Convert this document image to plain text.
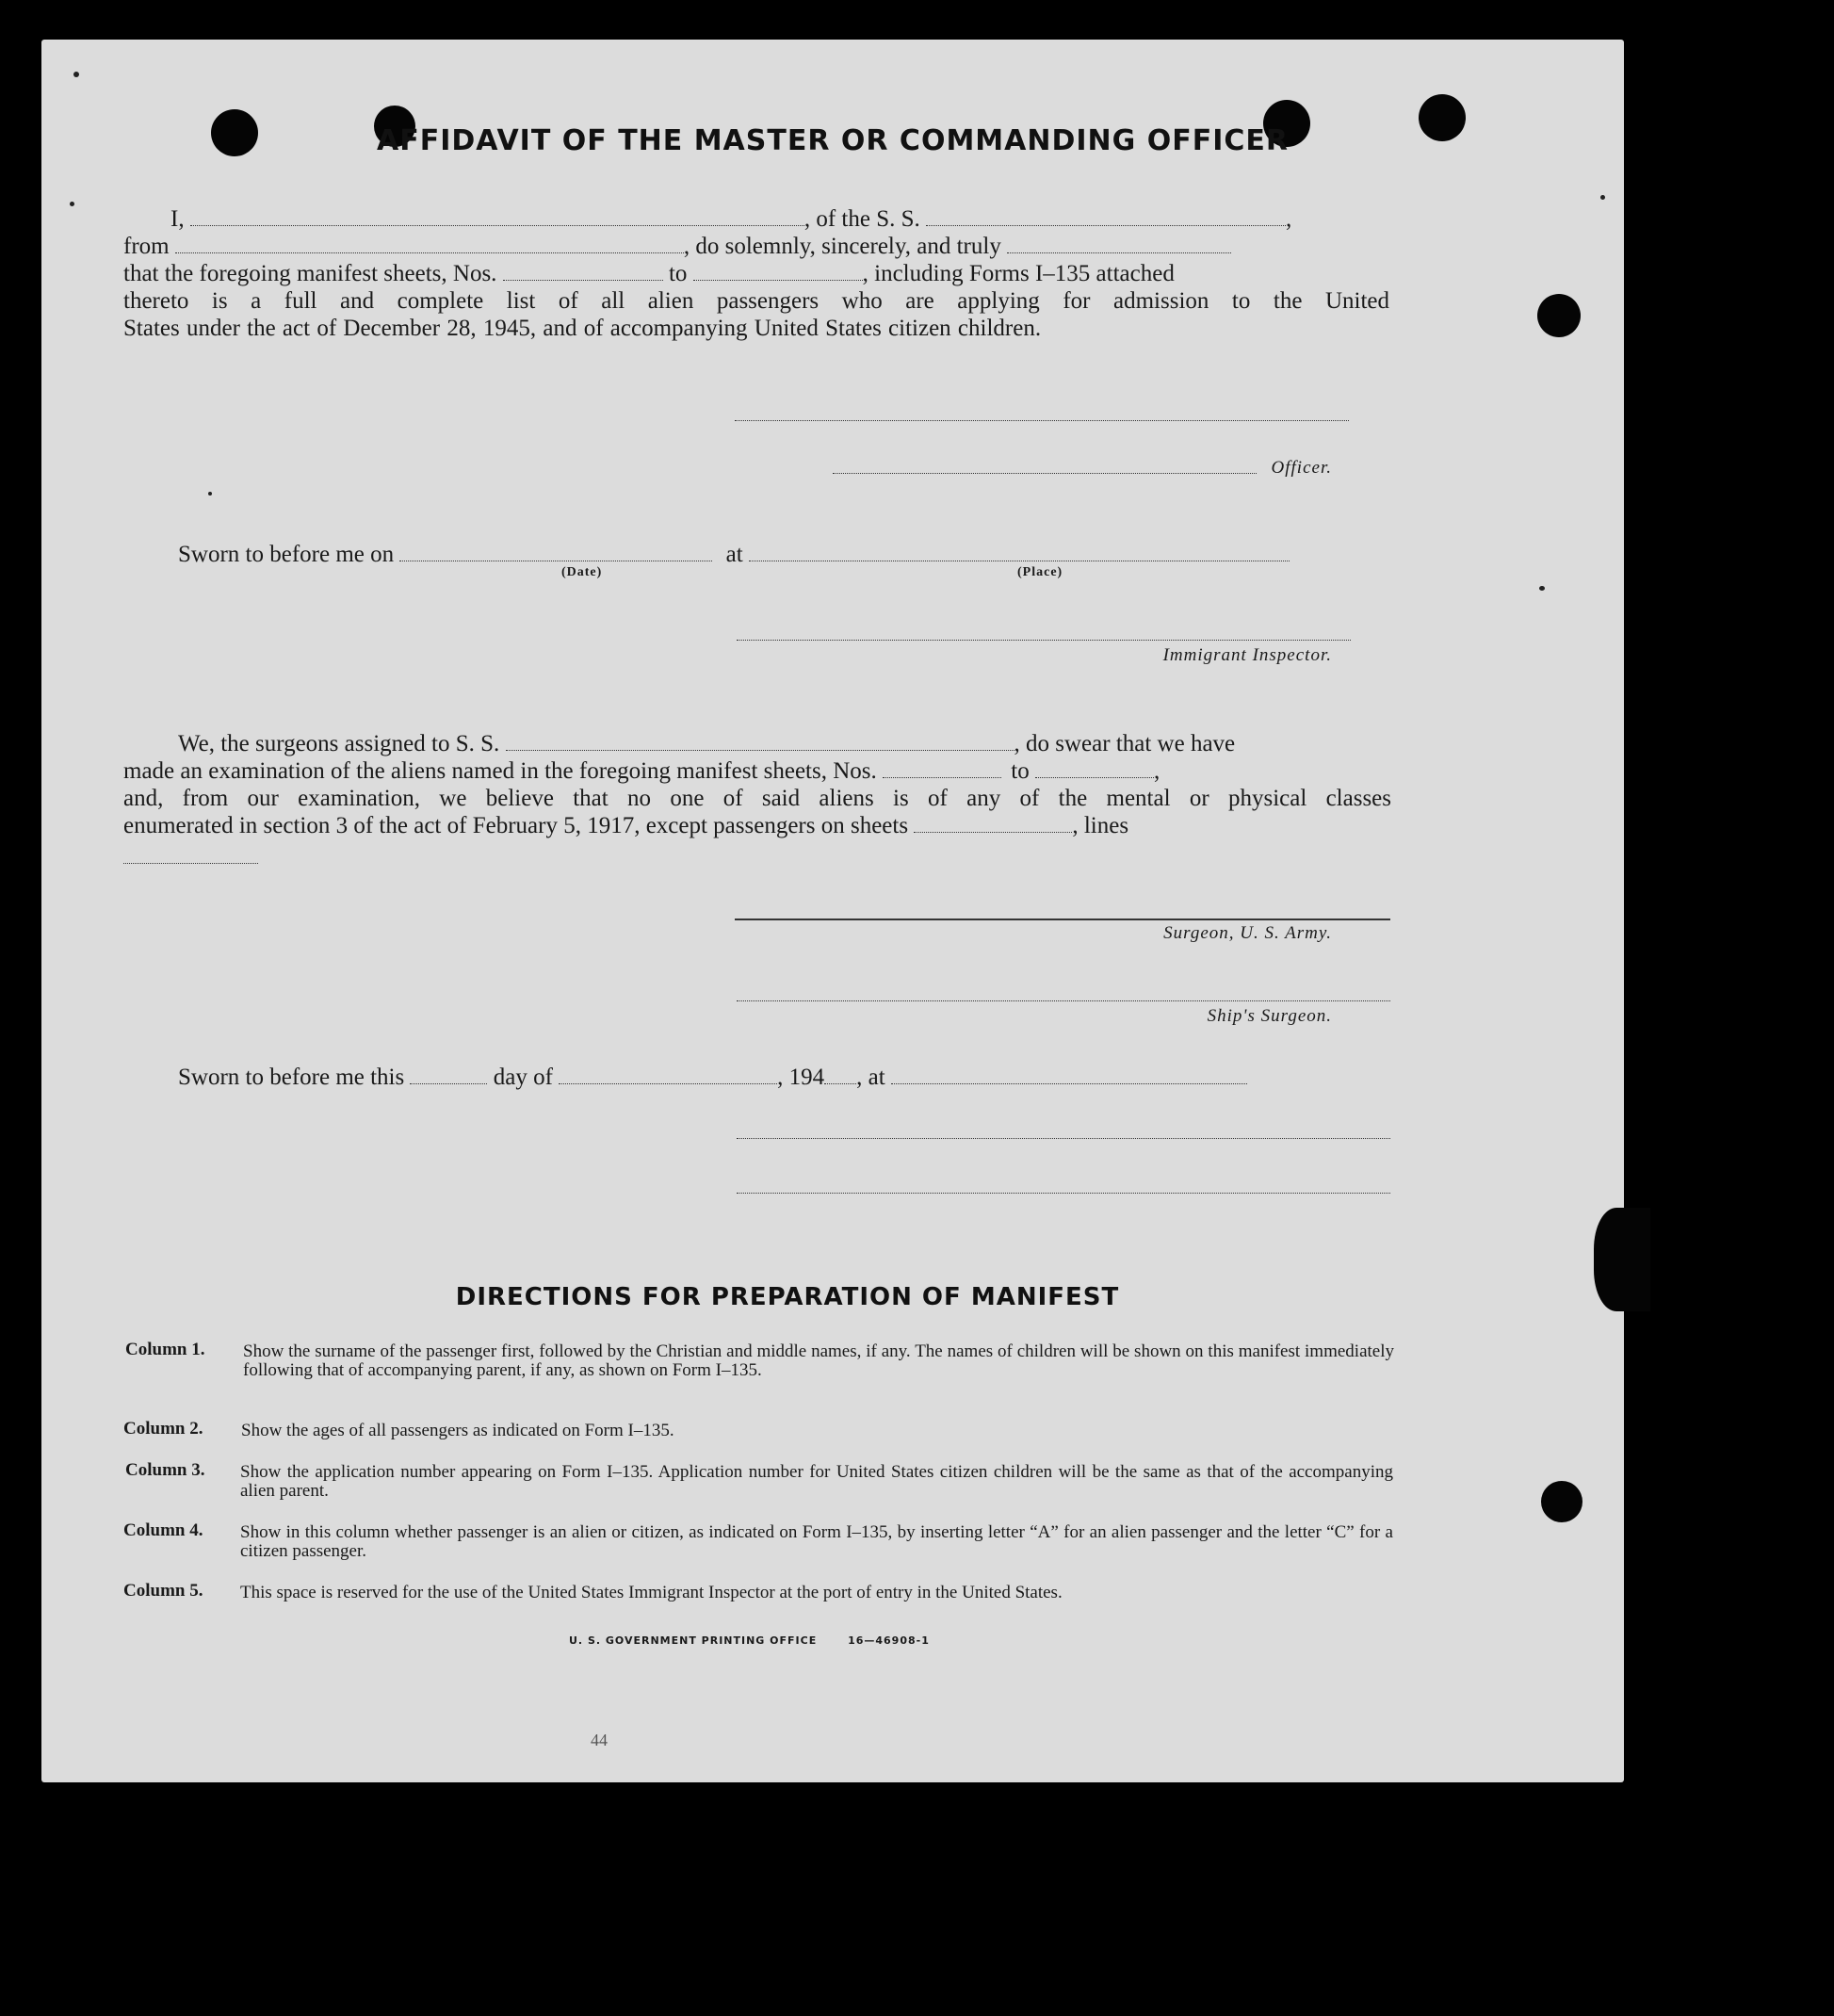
AFFIDAVIT OF THE MASTER OR COMMANDING OFFICER
I,	, of the S. S.	,
from	, do solemnly, sincerely, and truly
that the foregoing manifest sheets, Nos.	to	, including Forms I–135 attached
thereto is a full and complete list of all alien passengers who are applying for admission to the United
States under the act of December 28, 1945, and of accompanying United States citizen children.
Officer.
Sworn to before me on	at
(Date)	(Place)
Immigrant Inspector.
We, the surgeons assigned to S. S.	, do swear that we have
made an examination of the aliens named in the foregoing manifest sheets, Nos.	to	,
and, from our examination, we believe that no one of said aliens is of any of the mental or physical classes
enumerated in section 3 of the act of February 5, 1917, except passengers on sheets	, lines
Surgeon, U. S. Army.
Ship's Surgeon.
Sworn to before me this	day of	, 194 , at
DIRECTIONS FOR PREPARATION OF MANIFEST
Column 1. Show the surname of the passenger first, followed by the Christian and middle names, if any. The names of children will be shown on this manifest immediately following that of accompanying parent, if any, as shown on Form I–135.
Column 2. Show the ages of all passengers as indicated on Form I–135.
Column 3. Show the application number appearing on Form I–135. Application number for United States citizen children will be the same as that of the accompanying alien parent.
Column 4. Show in this column whether passenger is an alien or citizen, as indicated on Form I–135, by inserting letter “A” for an alien passenger and the letter “C” for a citizen passenger.
Column 5. This space is reserved for the use of the United States Immigrant Inspector at the port of entry in the United States.
U. S. GOVERNMENT PRINTING OFFICE	16—46908-1
44
